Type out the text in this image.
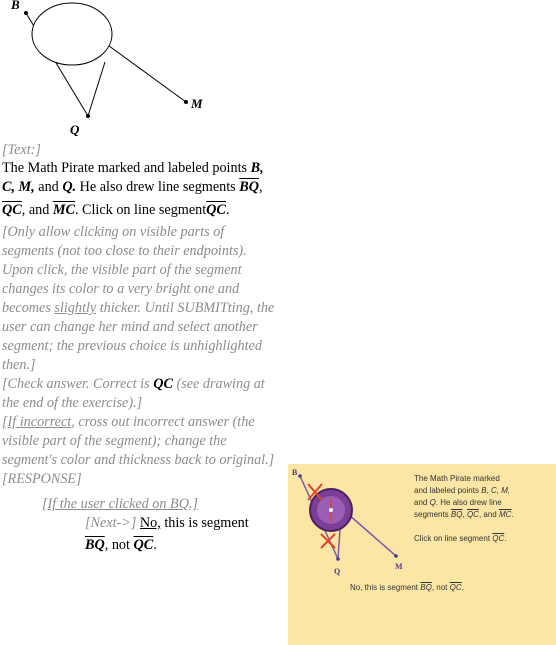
B
M
Q
[Text:]
The Math Pirate marked and labeled points B,
C, M, and Q. He also drew line segments $\overline{BQ}$,
$\overline{QC}$, and $\overline{MC}$. Click on line $segment\overline{QC}$.
[Only allow clicking on visible parts of
segments (not too close to their endpoints).
Upon click, the visible part of the segment
changes its color to a very bright one and
becomes slightly thicker. Until SUBMITting, the
user can change her mind and select another
segment; the previous choice is unhighlighted
then.]
[Check answer. Correct is QC (see drawing at
the end of the exercise).]
[If incorrect, cross out incorrect answer (the
visible part of the segment); change the
segment's color and thickness back to original.]
[RESPONSE]
[If the user clicked on BQ.]
[Next->] No, this is segment
$\overline{BQ}$, not $\overline{QC}$.
B
M
Q
The Math Pirate marked
and labeled points B, C, M,
and Q. He also drew line
segments $\overline{BQ}$, $\overline{QC}$, and $\overline{MC}$.
Click on line segment $\overline{QC}$.
No, this is segment $\overline{BQ}$, not $\overline{QC}$.
